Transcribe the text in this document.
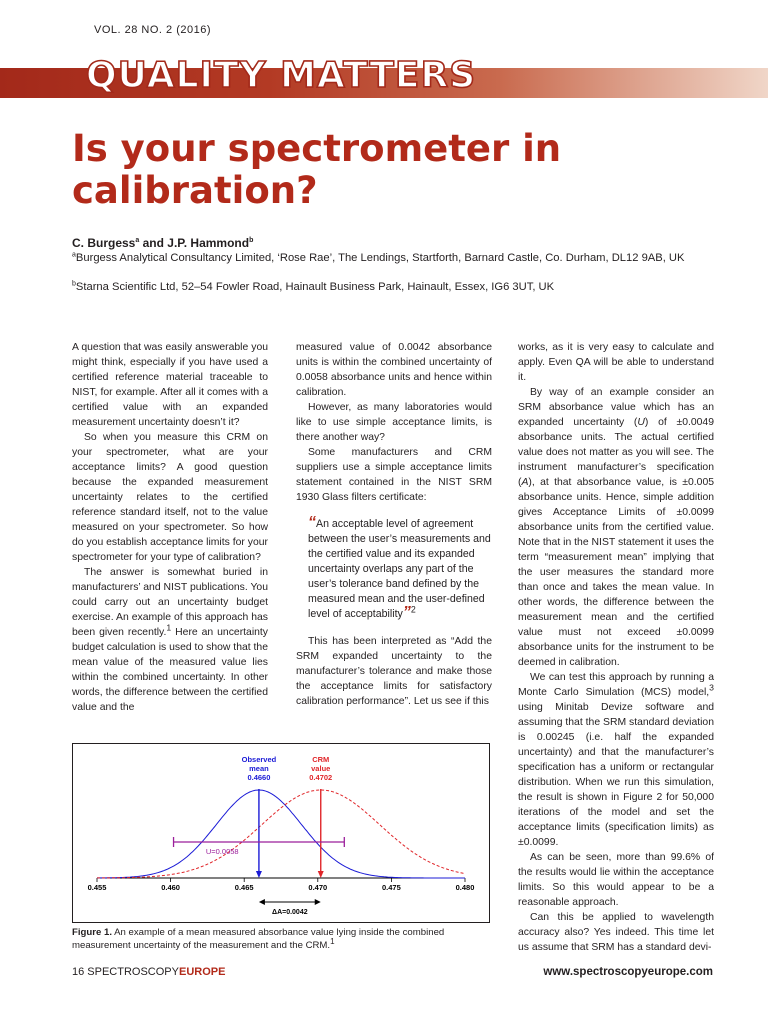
VOL. 28 NO. 2 (2016)
QUALITY MATTERS
Is your spectrometer in
calibration?
C. Burgess$^a$ and J.P. Hammond$^b$
$^a$Burgess Analytical Consultancy Limited, ‘Rose Rae’, The Lendings, Startforth, Barnard Castle, Co. Durham, DL12 9AB, UK
$^b$Starna Scientific Ltd, 52–54 Fowler Road, Hainault Business Park, Hainault, Essex, IG6 3UT, UK

A question that was easily answerable you might think, especially if you have used a certified reference material traceable to NIST, for example. After all it comes with a certified value with an expanded measurement uncertainty doesn’t it?

So when you measure this CRM on your spectrometer, what are your acceptance limits? A good question because the expanded measurement uncertainty relates to the certified reference standard itself, not to the value measured on your spectrometer. So how do you establish acceptance limits for your spectrometer for your type of calibration?

The answer is somewhat buried in manufacturers’ and NIST publications. You could carry out an uncertainty budget exercise. An example of this approach has been given recently.$^1$ Here an uncertainty budget calculation is used to show that the mean value of the measured value lies within the combined uncertainty. In other words, the difference between the certified value and the

measured value of 0.0042 absorbance units is within the combined uncertainty of 0.0058 absorbance units and hence within calibration.

However, as many laboratories would like to use simple acceptance limits, is there another way?

Some manufacturers and CRM suppliers use a simple acceptance limits statement contained in the NIST SRM 1930 Glass filters certificate:

“An acceptable level of agreement between the user’s measurements and the certified value and its expanded uncertainty overlaps any part of the user’s tolerance band defined by the measured mean and the user-defined level of acceptability”$^2$

This has been interpreted as “Add the SRM expanded uncertainty to the manufacturer’s tolerance and make those the acceptance limits for satisfactory calibration performance”. Let us see if this

works, as it is very easy to calculate and apply. Even QA will be able to understand it.

By way of an example consider an SRM absorbance value which has an expanded uncertainty (U) of ±0.0049 absorbance units. The actual certified value does not matter as you will see. The instrument manufacturer’s specification (A), at that absorbance value, is ±0.005 absorbance units. Hence, simple addition gives Acceptance Limits of ±0.0099 absorbance units from the certified value. Note that in the NIST statement it uses the term “measurement mean” implying that the user measures the standard more than once and takes the mean value. In other words, the difference between the measurement mean and the certified value must not exceed ±0.0099 absorbance units for the instrument to be deemed in calibration.

We can test this approach by running a Monte Carlo Simulation (MCS) model,$^3$ using Minitab Devize software and assuming that the SRM standard deviation is 0.00245 (i.e. half the expanded uncertainty) and that the manufacturer’s specification has a uniform or rectangular distribution. When we run this simulation, the result is shown in Figure 2 for 50,000 iterations of the model and set the acceptance limits (specification limits) as ±0.0099.

As can be seen, more than 99.6% of the results would lie within the acceptance limits. So this would appear to be a reasonable approach.

Can this be applied to wavelength accuracy also? Yes indeed. This time let us assume that SRM has a standard devi-

0.455	0.460	0.465	0.470	0.475	0.480
Observed
mean
0.4660
CRM
value
0.4702
U=0.0058
ΔA=0.0042
Figure 1. An example of a mean measured absorbance value lying inside the combined measurement uncertainty of the measurement and the CRM.$^1$
16 SPECTROSCOPYEUROPE	www.spectroscopyeurope.com
